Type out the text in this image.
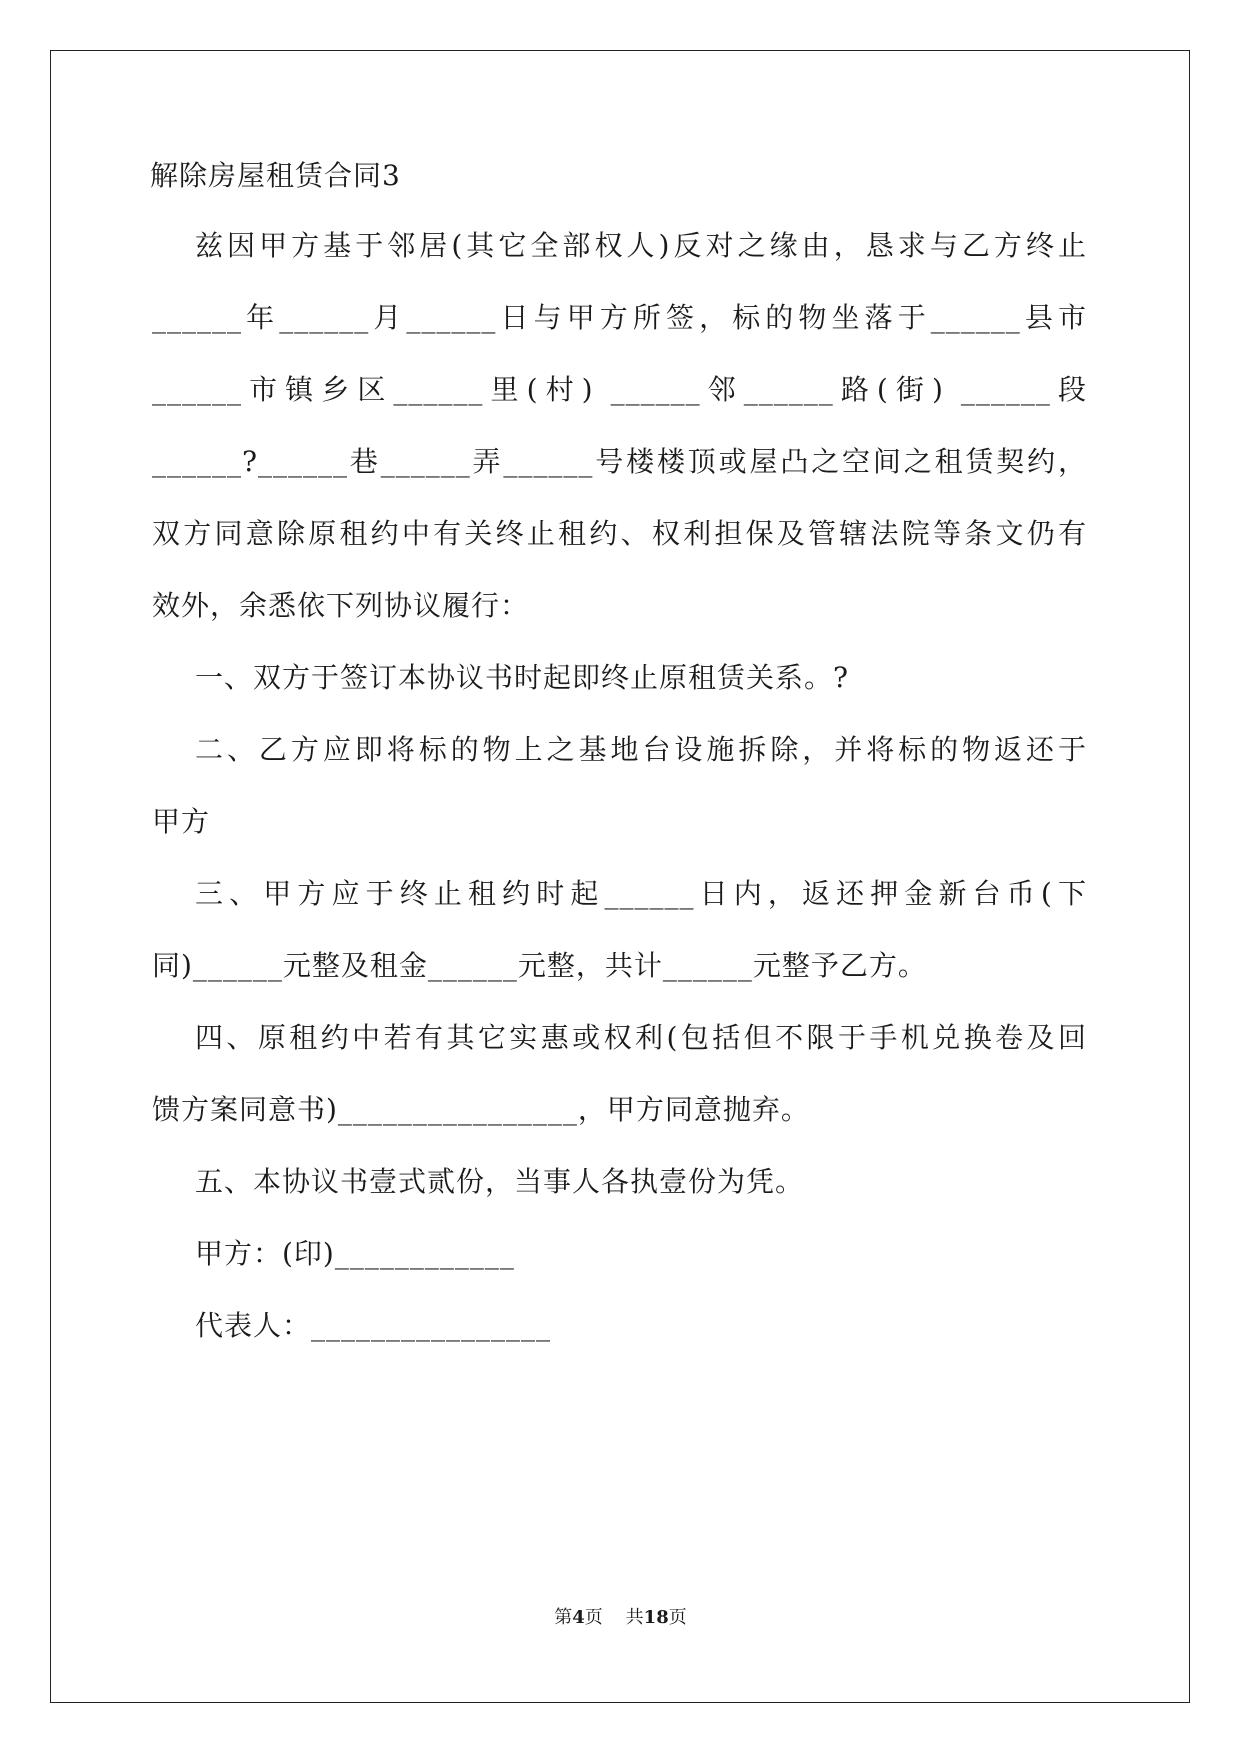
解除房屋租赁合同3
兹因甲方基于邻居(其它全部权人)反对之缘由，恳求与乙方终止
______年______月______日与甲方所签，标的物坐落于______县市
______市镇乡区______里(村) ______邻______路(街) ______段
______?______巷______弄______号楼楼顶或屋凸之空间之租赁契约，
双方同意除原租约中有关终止租约、权利担保及管辖法院等条文仍有
效外，余悉依下列协议履行：
一、双方于签订本协议书时起即终止原租赁关系。?
二、乙方应即将标的物上之基地台设施拆除，并将标的物返还于
甲方
三、甲方应于终止租约时起______日内，返还押金新台币(下
同)______元整及租金______元整，共计______元整予乙方。
四、原租约中若有其它实惠或权利(包括但不限于手机兑换卷及回
馈方案同意书)________________，甲方同意抛弃。
五、本协议书壹式贰份，当事人各执壹份为凭。
甲方：(印)____________
代表人：________________
第4页 共18页
